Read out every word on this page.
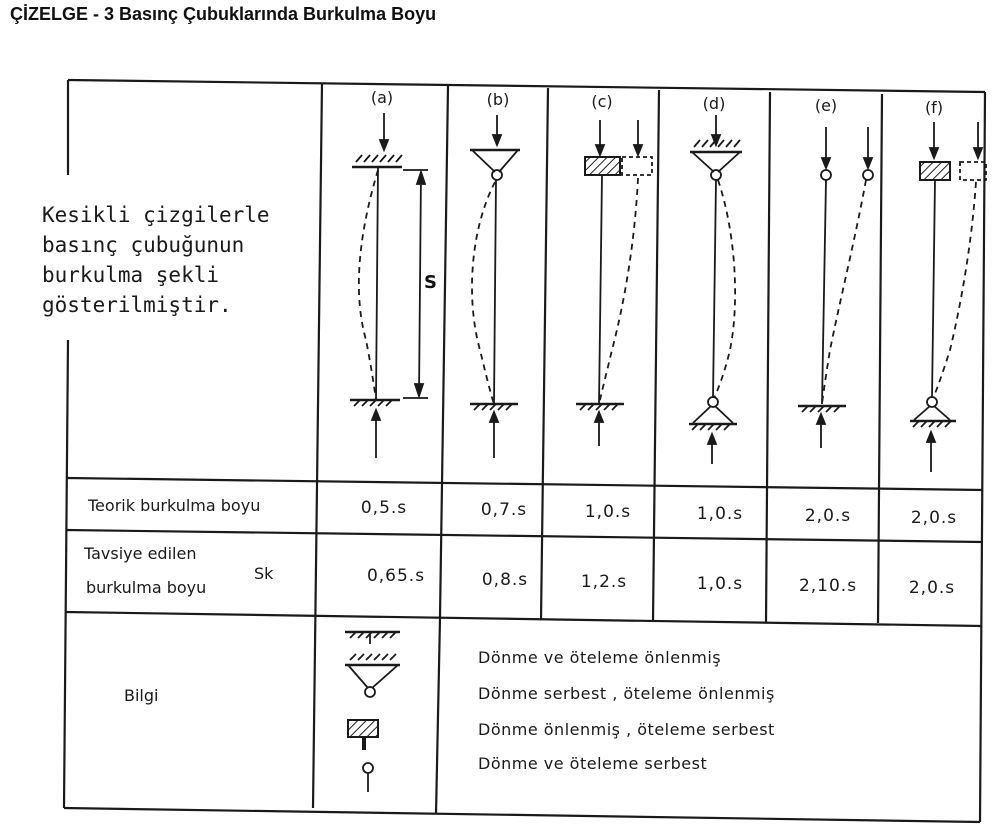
ÇİZELGE - 3 Basınç Çubuklarında Burkulma Boyu
Kesikli çizgilerle
basınç çubuğunun
burkulma şekli
gösterilmiştir.
S
(a)	(b)	(c)	(d)	(e)	(f)
Teorik burkulma boyu	0,5.s	0,7.s	1,0.s	1,0.s	2,0.s	2,0.s
Tavsiye edilen
burkulma boyu
Sk	0,65.s	0,8.s	1,2.s	1,0.s	2,10.s	2,0.s
Bilgi
Dönme ve öteleme önlenmiş
Dönme serbest , öteleme önlenmiş
Dönme önlenmiş , öteleme serbest
Dönme ve öteleme serbest
